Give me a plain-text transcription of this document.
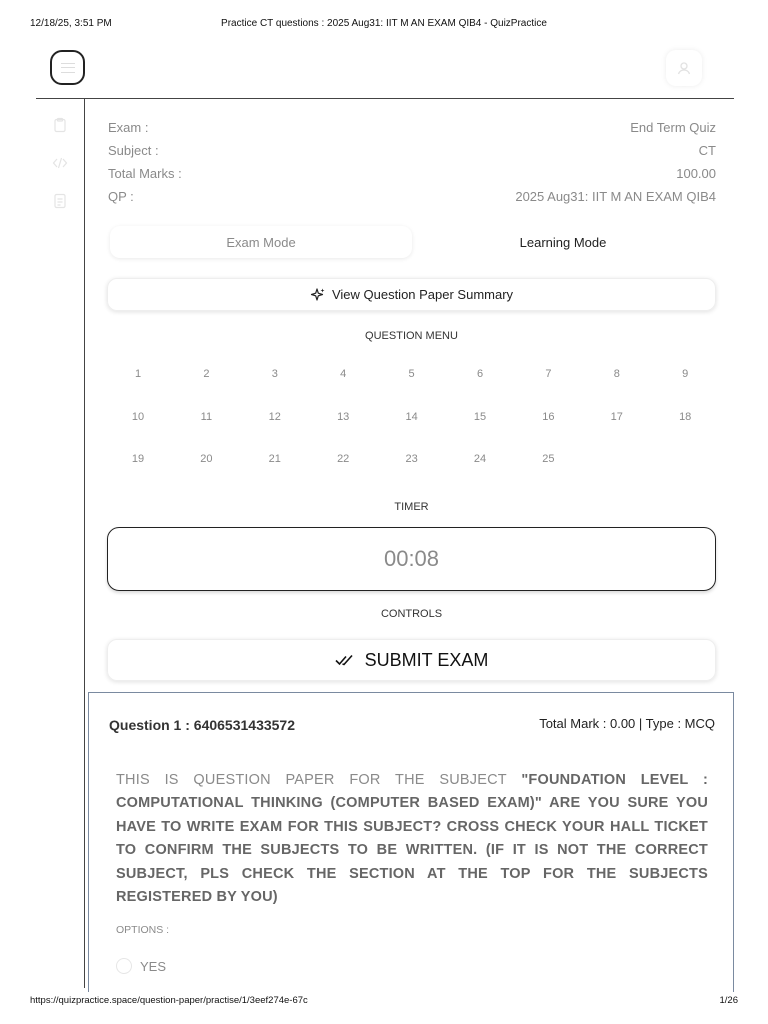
12/18/25, 3:51 PM	Practice CT questions : 2025 Aug31: IIT M AN EXAM QIB4 - QuizPractice
Exam :	End Term Quiz
Subject :	CT
Total Marks :	100.00
QP :	2025 Aug31: IIT M AN EXAM QIB4
Exam Mode	Learning Mode
View Question Paper Summary
QUESTION MENU
1	2	3	4	5	6	7	8	9
10	11	12	13	14	15	16	17	18
19	20	21	22	23	24	25
TIMER
00:08
CONTROLS
SUBMIT EXAM
Question 1 : 6406531433572	Total Mark : 0.00 | Type : MCQ
THIS IS QUESTION PAPER FOR THE SUBJECT "FOUNDATION LEVEL : COMPUTATIONAL THINKING (COMPUTER BASED EXAM)" ARE YOU SURE YOU HAVE TO WRITE EXAM FOR THIS SUBJECT? CROSS CHECK YOUR HALL TICKET TO CONFIRM THE SUBJECTS TO BE WRITTEN. (IF IT IS NOT THE CORRECT SUBJECT, PLS CHECK THE SECTION AT THE TOP FOR THE SUBJECTS REGISTERED BY YOU)
OPTIONS :
YES
https://quizpractice.space/question-paper/practise/1/3eef274e-67c	1/26
